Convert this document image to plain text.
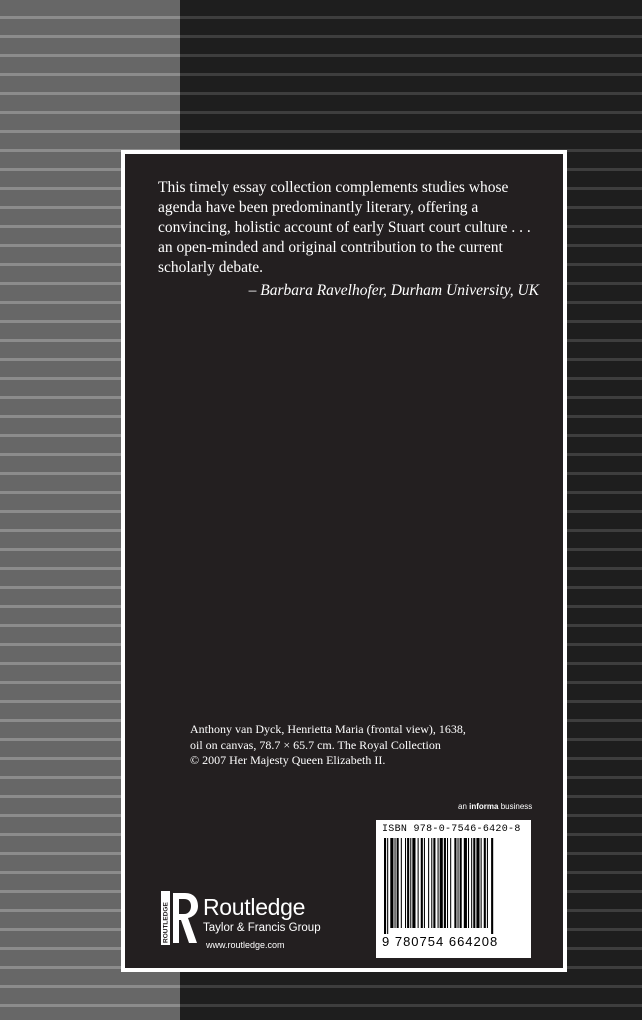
This timely essay collection complements studies whose agenda have been predominantly literary, offering a convincing, holistic account of early Stuart court culture . . . an open-minded and original contribution to the current scholarly debate.

– Barbara Ravelhofer, Durham University, UK

Anthony van Dyck, Henrietta Maria (frontal view), 1638,
oil on canvas, 78.7 × 65.7 cm. The Royal Collection
© 2007 Her Majesty Queen Elizabeth II.
an informa business
ISBN 978-0-7546-6420-8
9 780754 664208
ROUTLEDGE Routledge
Taylor & Francis Group
www.routledge.com
